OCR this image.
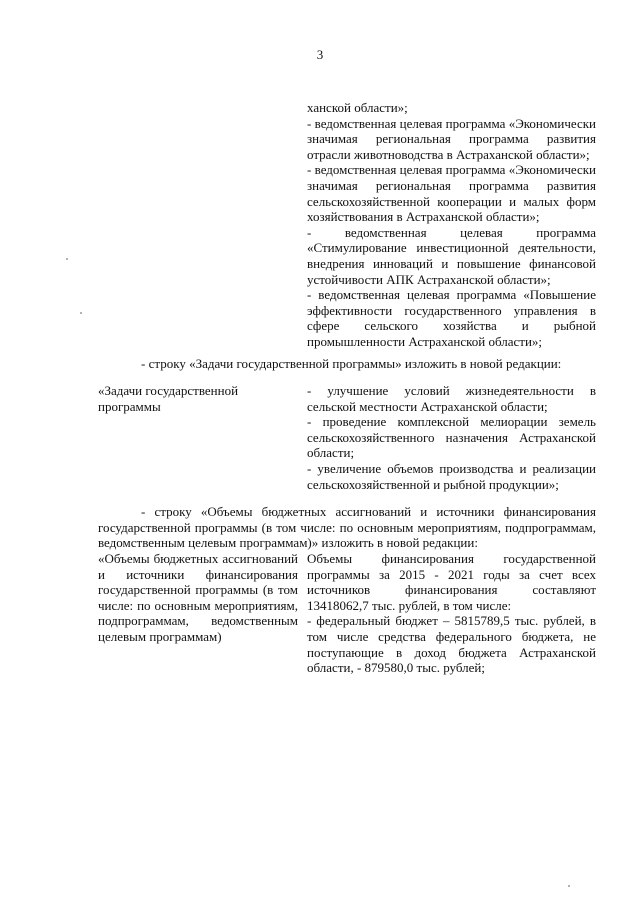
3

ханской области»;

- ведомственная целевая программа «Экономически значимая региональная программа развития отрасли животноводства в Астраханской области»;

- ведомственная целевая программа «Экономически значимая региональная программа развития сельскохозяйственной кооперации и малых форм хозяйствования в Астраханской области»;

- ведомственная целевая программа «Стимулирование инвестиционной деятельности, внедрения инноваций и повышение финансовой устойчивости АПК Астраханской области»;

- ведомственная целевая программа «Повышение эффективности государственного управления в сфере сельского хозяйства и рыбной промышленности Астраханской области»;

- строку «Задачи государственной программы» изложить в новой редакции:

«Задачи государственной программы

- улучшение условий жизнедеятельности в сельской местности Астраханской области;

- проведение комплексной мелиорации земель сельскохозяйственного назначения Астраханской области;

- увеличение объемов производства и реализации сельскохозяйственной и рыбной продукции»;

- строку «Объемы бюджетных ассигнований и источники финансирования государственной программы (в том числе: по основным мероприятиям, подпрограммам, ведомственным целевым программам)» изложить в новой редакции:

«Объемы бюджетных ассигнований и источники финансирования государственной программы (в том числе: по основным мероприятиям, подпрограммам, ведомственным целевым программам)

Объемы финансирования государственной программы за 2015 - 2021 годы за счет всех источников финансирования составляют 13418062,7 тыс. рублей, в том числе:

- федеральный бюджет – 5815789,5 тыс. рублей, в том числе средства федерального бюджета, не поступающие в доход бюджета Астраханской области, - 879580,0 тыс. рублей;
